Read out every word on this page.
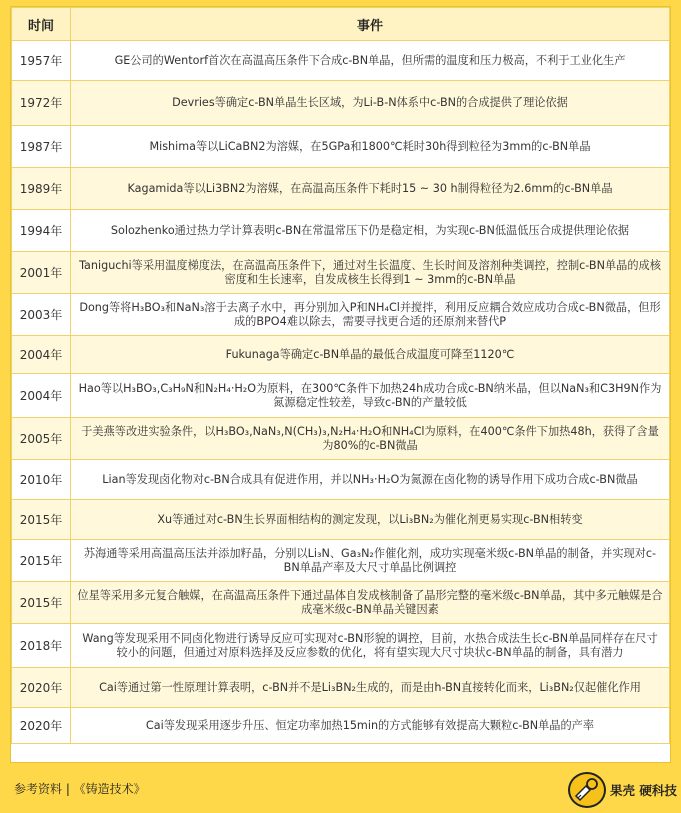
时间	事件
1957年	GE公司的Wentorf首次在高温高压条件下合成c-BN单晶，但所需的温度和压力极高，不利于工业化生产
1972年	Devries等确定c-BN单晶生长区域，为Li-B-N体系中c-BN的合成提供了理论依据
1987年	Mishima等以LiCaBN2为溶媒，在5GPa和1800℃耗时30h得到粒径为3mm的c-BN单晶
1989年	Kagamida等以Li3BN2为溶媒，在高温高压条件下耗时15 ~ 30 h制得粒径为2.6mm的c-BN单晶
1994年	Solozhenko通过热力学计算表明c-BN在常温常压下仍是稳定相，为实现c-BN低温低压合成提供理论依据
2001年	Taniguchi等采用温度梯度法，在高温高压条件下，通过对生长温度、生长时间及溶剂种类调控，控制c-BN单晶的成核密度和生长速率，自发成核生长得到1 ~ 3mm的c-BN单晶
2003年	Dong等将H₃BO₃和NaN₃溶于去离子水中，再分别加入P和NH₄Cl并搅拌，利用反应耦合效应成功合成c-BN微晶，但形成的BPO4难以除去，需要寻找更合适的还原剂来替代P
2004年	Fukunaga等确定c-BN单晶的最低合成温度可降至1120℃
2004年	Hao等以H₃BO₃,C₃H₉N和N₂H₄·H₂O为原料，在300℃条件下加热24h成功合成c-BN纳米晶，但以NaN₃和C3H9N作为氮源稳定性较差，导致c-BN的产量较低
2005年	于美燕等改进实验条件，以H₃BO₃,NaN₃,N(CH₃)₃,N₂H₄·H₂O和NH₄Cl为原料，在400℃条件下加热48h，获得了含量为80%的c-BN微晶
2010年	Lian等发现卤化物对c-BN合成具有促进作用，并以NH₃·H₂O为氮源在卤化物的诱导作用下成功合成c-BN微晶
2015年	Xu等通过对c-BN生长界面相结构的测定发现，以Li₃BN₂为催化剂更易实现c-BN相转变
2015年	苏海通等采用高温高压法并添加籽晶，分别以Li₃N、Ga₃N₂作催化剂，成功实现毫米级c-BN单晶的制备，并实现对c-BN单晶产率及大尺寸单晶比例调控
2015年	位星等采用多元复合触媒，在高温高压条件下通过晶体自发成核制备了晶形完整的毫米级c-BN单晶，其中多元触媒是合成毫米级c-BN单晶关键因素
2018年	Wang等发现采用不同卤化物进行诱导反应可实现对c-BN形貌的调控，目前，水热合成法生长c-BN单晶同样存在尺寸较小的问题，但通过对原料选择及反应参数的优化，将有望实现大尺寸块状c-BN单晶的制备，具有潜力
2020年	Cai等通过第一性原理计算表明，c-BN并不是Li₃BN₂生成的，而是由h-BN直接转化而来，Li₃BN₂仅起催化作用
2020年	Cai等发现采用逐步升压、恒定功率加热15min的方式能够有效提高大颗粒c-BN单晶的产率
参考资料 | 《铸造技术》	果壳 硬科技
